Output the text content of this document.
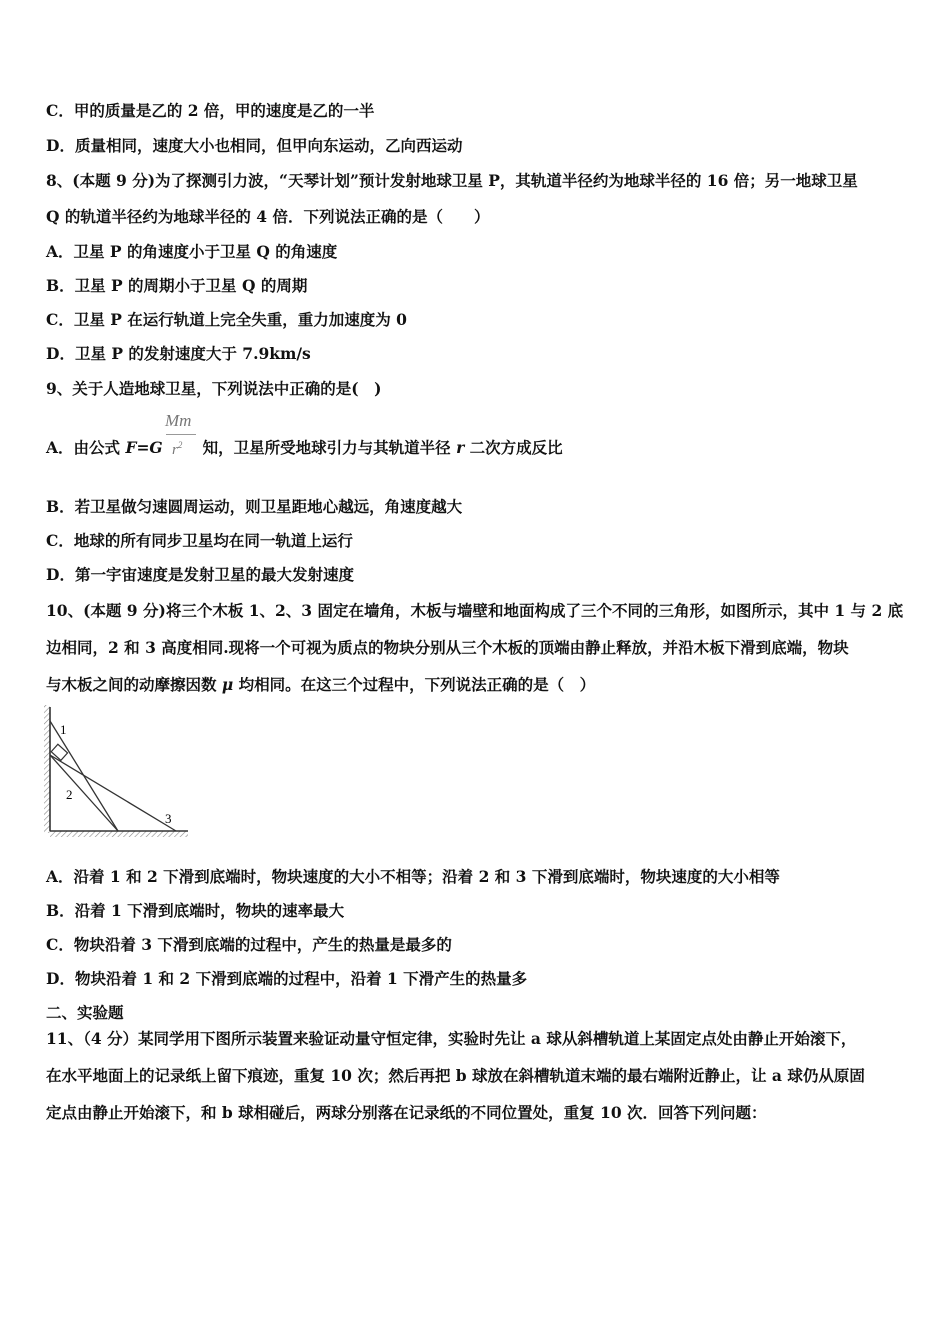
C．甲的质量是乙的 2 倍，甲的速度是乙的一半
D．质量相同，速度大小也相同，但甲向东运动，乙向西运动
8、(本题 9 分)为了探测引力波，“天琴计划”预计发射地球卫星 P，其轨道半径约为地球半径的 16 倍；另一地球卫星
Q 的轨道半径约为地球半径的 4 倍．下列说法正确的是（　　）
A．卫星 P 的角速度小于卫星 Q 的角速度
B．卫星 P 的周期小于卫星 Q 的周期
C．卫星 P 在运行轨道上完全失重，重力加速度为 0
D．卫星 P 的发射速度大于 7.9km/s
9、关于人造地球卫星，下列说法中正确的是(　)
Mm
$r^2$
A．由公式 F=G	知，卫星所受地球引力与其轨道半径 r 二次方成反比
B．若卫星做匀速圆周运动，则卫星距地心越远，角速度越大
C．地球的所有同步卫星均在同一轨道上运行
D．第一宇宙速度是发射卫星的最大发射速度
10、(本题 9 分)将三个木板 1、2、3 固定在墙角，木板与墙壁和地面构成了三个不同的三角形，如图所示，其中 1 与 2 底
边相同，2 和 3 高度相同.现将一个可视为质点的物块分别从三个木板的顶端由静止释放，并沿木板下滑到底端，物块
与木板之间的动摩擦因数 μ 均相同。在这三个过程中，下列说法正确的是（　）
1
2
3
A．沿着 1 和 2 下滑到底端时，物块速度的大小不相等；沿着 2 和 3 下滑到底端时，物块速度的大小相等
B．沿着 1 下滑到底端时，物块的速率最大
C．物块沿着 3 下滑到底端的过程中，产生的热量是最多的
D．物块沿着 1 和 2 下滑到底端的过程中，沿着 1 下滑产生的热量多
二、实验题
11、（4 分）某同学用下图所示装置来验证动量守恒定律，实验时先让 a 球从斜槽轨道上某固定点处由静止开始滚下，
在水平地面上的记录纸上留下痕迹，重复 10 次；然后再把 b 球放在斜槽轨道末端的最右端附近静止，让 a 球仍从原固
定点由静止开始滚下，和 b 球相碰后，两球分别落在记录纸的不同位置处，重复 10 次．回答下列问题：
